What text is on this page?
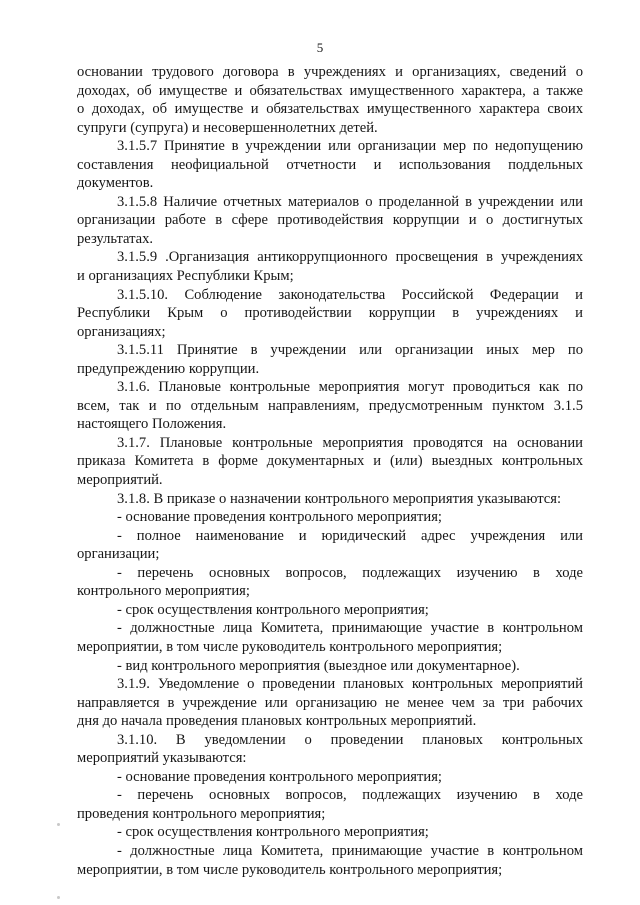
5
основании трудового договора в учреждениях и организациях, сведений о
доходах, об имуществе и обязательствах имущественного характера, а также
о доходах, об имуществе и обязательствах имущественного характера своих
супруги (супруга) и несовершеннолетних детей.
3.1.5.7 Принятие в учреждении или организации мер по недопущению
составления неофициальной отчетности и использования поддельных
документов.
3.1.5.8 Наличие отчетных материалов о проделанной в учреждении или
организации работе в сфере противодействия коррупции и о достигнутых
результатах.
3.1.5.9 .Организация антикоррупционного просвещения в учреждениях
и организациях Республики Крым;
3.1.5.10. Соблюдение законодательства Российской Федерации и
Республики Крым о противодействии коррупции в учреждениях и
организациях;
3.1.5.11 Принятие в учреждении или организации иных мер по
предупреждению коррупции.
3.1.6. Плановые контрольные мероприятия могут проводиться как по
всем, так и по отдельным направлениям, предусмотренным пунктом 3.1.5
настоящего Положения.
3.1.7. Плановые контрольные мероприятия проводятся на основании
приказа Комитета в форме документарных и (или) выездных контрольных
мероприятий.
3.1.8. В приказе о назначении контрольного мероприятия указываются:
- основание проведения контрольного мероприятия;
- полное наименование и юридический адрес учреждения или
организации;
- перечень основных вопросов, подлежащих изучению в ходе
контрольного мероприятия;
- срок осуществления контрольного мероприятия;
- должностные лица Комитета, принимающие участие в контрольном
мероприятии, в том числе руководитель контрольного мероприятия;
- вид контрольного мероприятия (выездное или документарное).
3.1.9. Уведомление о проведении плановых контрольных мероприятий
направляется в учреждение или организацию не менее чем за три рабочих
дня до начала проведения плановых контрольных мероприятий.
3.1.10. В уведомлении о проведении плановых контрольных
мероприятий указываются:
- основание проведения контрольного мероприятия;
- перечень основных вопросов, подлежащих изучению в ходе
проведения контрольного мероприятия;
- срок осуществления контрольного мероприятия;
- должностные лица Комитета, принимающие участие в контрольном
мероприятии, в том числе руководитель контрольного мероприятия;
